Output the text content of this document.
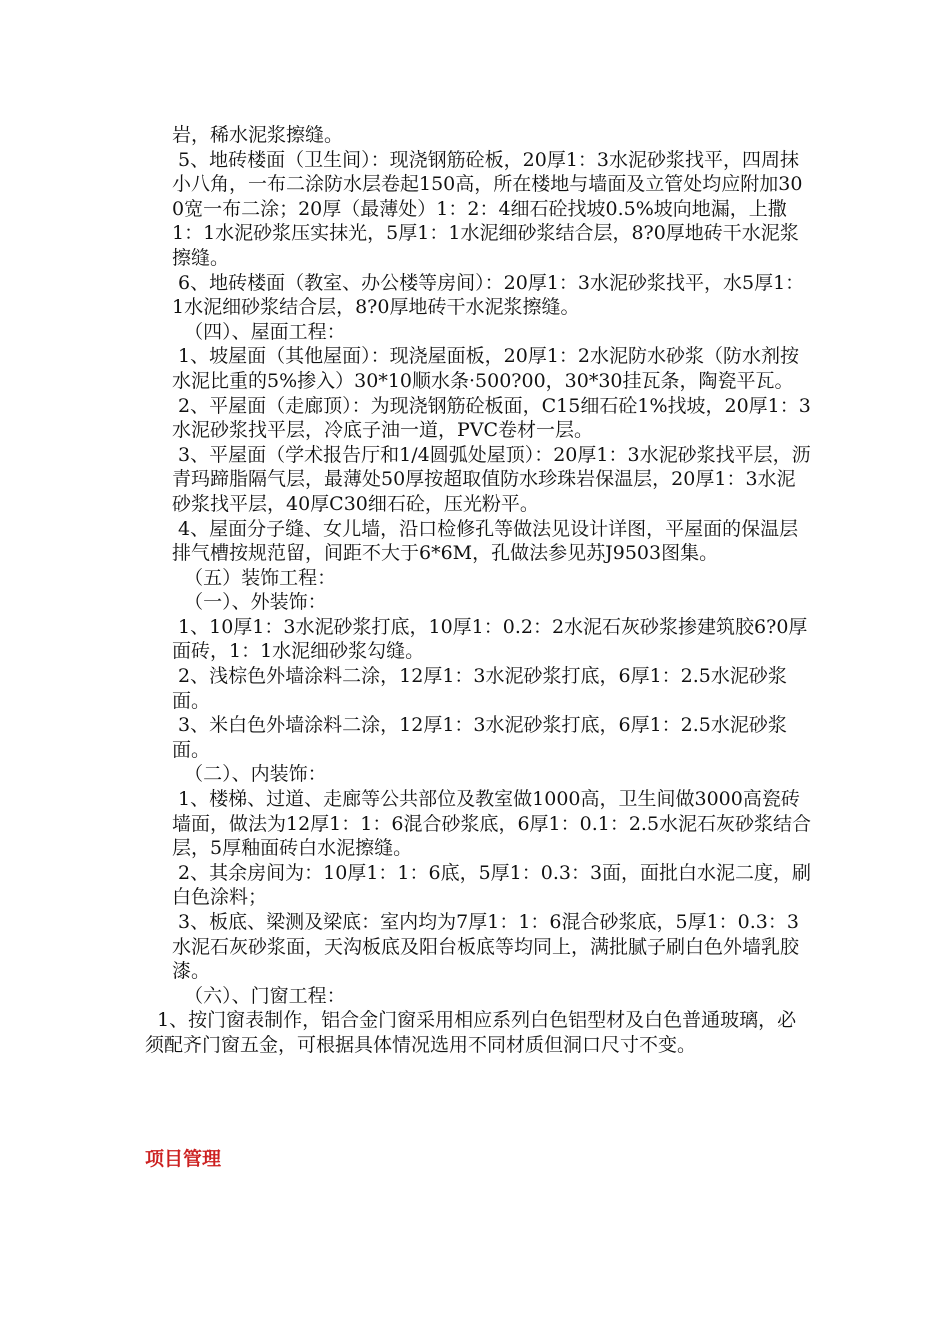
岩，稀水泥浆擦缝。

5、地砖楼面（卫生间）：现浇钢筋砼板，20厚1：3水泥砂浆找平，四周抹小八角，一布二涂防水层卷起150高，所在楼地与墙面及立管处均应附加300宽一布二涂；20厚（最薄处）1：2：4细石砼找坡0.5%坡向地漏，上撒1：1水泥砂浆压实抹光，5厚1：1水泥细砂浆结合层，8?0厚地砖干水泥浆擦缝。

6、地砖楼面（教室、办公楼等房间）：20厚1：3水泥砂浆找平，水5厚1：1水泥细砂浆结合层，8?0厚地砖干水泥浆擦缝。

（四）、屋面工程：

1、坡屋面（其他屋面）：现浇屋面板，20厚1：2水泥防水砂浆（防水剂按水泥比重的5%掺入）30*10顺水条·500?00，30*30挂瓦条，陶瓷平瓦。

2、平屋面（走廊顶）：为现浇钢筋砼板面，C15细石砼1%找坡，20厚1：3水泥砂浆找平层，冷底子油一道，PVC卷材一层。

3、平屋面（学术报告厅和1/4圆弧处屋顶）：20厚1：3水泥砂浆找平层，沥青玛蹄脂隔气层，最薄处50厚按超取值防水珍珠岩保温层，20厚1：3水泥砂浆找平层，40厚C30细石砼，压光粉平。

4、屋面分子缝、女儿墙，沿口检修孔等做法见设计详图，平屋面的保温层排气槽按规范留，间距不大于6*6M，孔做法参见苏J9503图集。

（五）装饰工程：

（一）、外装饰：

1、10厚1：3水泥砂浆打底，10厚1：0.2：2水泥石灰砂浆掺建筑胶6?0厚面砖，1：1水泥细砂浆勾缝。

2、浅棕色外墙涂料二涂，12厚1：3水泥砂浆打底，6厚1：2.5水泥砂浆面。

3、米白色外墙涂料二涂，12厚1：3水泥砂浆打底，6厚1：2.5水泥砂浆面。

（二）、内装饰：

1、楼梯、过道、走廊等公共部位及教室做1000高，卫生间做3000高瓷砖墙面，做法为12厚1：1：6混合砂浆底，6厚1：0.1：2.5水泥石灰砂浆结合层，5厚釉面砖白水泥擦缝。

2、其余房间为：10厚1：1：6底，5厚1：0.3：3面，面批白水泥二度，刷白色涂料；

3、板底、梁测及梁底：室内均为7厚1：1：6混合砂浆底，5厚1：0.3：3水泥石灰砂浆面，天沟板底及阳台板底等均同上，满批腻子刷白色外墙乳胶漆。

（六）、门窗工程：

1、按门窗表制作，铝合金门窗采用相应系列白色铝型材及白色普通玻璃，必须配齐门窗五金，可根据具体情况选用不同材质但洞口尺寸不变。

项目管理
